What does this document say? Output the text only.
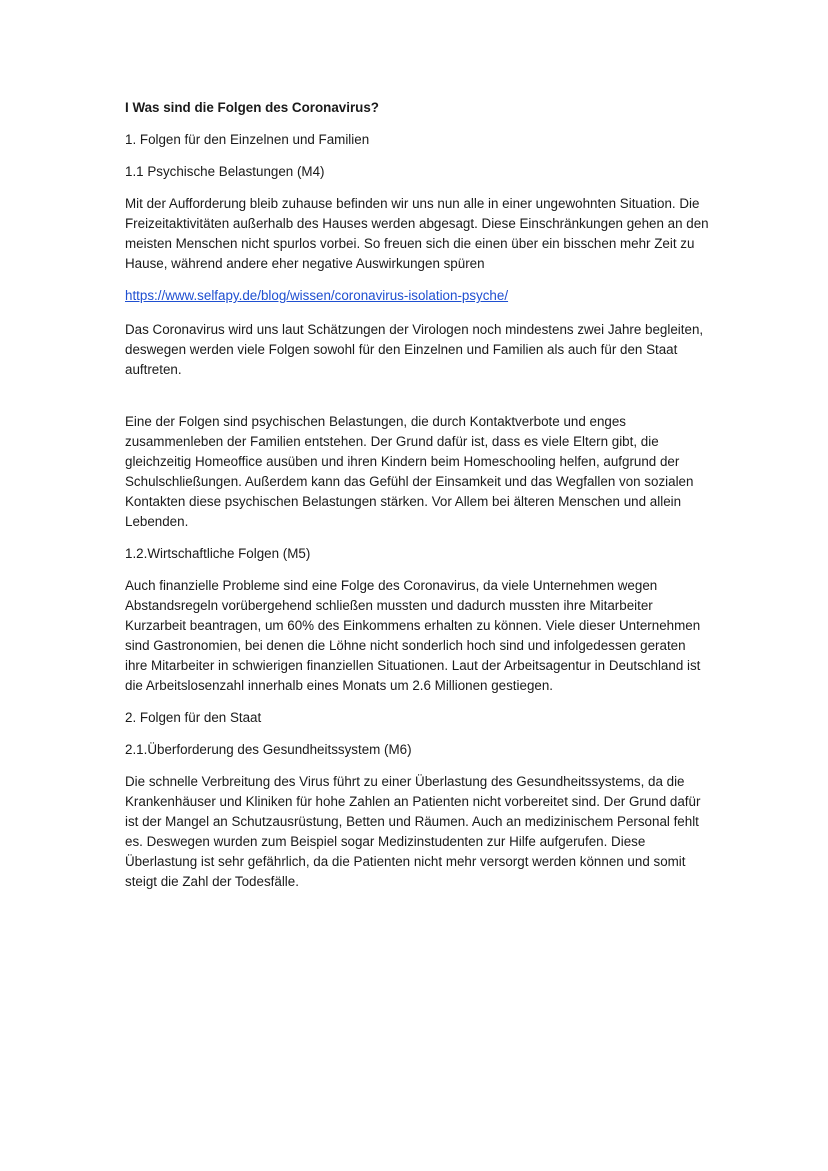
I Was sind die Folgen des Coronavirus?

1. Folgen für den Einzelnen und Familien

1.1 Psychische Belastungen (M4)

Mit der Aufforderung bleib zuhause befinden wir uns nun alle in einer ungewohnten Situation. Die Freizeitaktivitäten außerhalb des Hauses werden abgesagt. Diese Einschränkungen gehen an den meisten Menschen nicht spurlos vorbei. So freuen sich die einen über ein bisschen mehr Zeit zu Hause, während andere eher negative Auswirkungen spüren

https://www.selfapy.de/blog/wissen/coronavirus-isolation-psyche/

Das Coronavirus wird uns laut Schätzungen der Virologen noch mindestens zwei Jahre begleiten, deswegen werden viele Folgen sowohl für den Einzelnen und Familien als auch für den Staat auftreten.

Eine der Folgen sind psychischen Belastungen, die durch Kontaktverbote und enges zusammenleben der Familien entstehen. Der Grund dafür ist, dass es viele Eltern gibt, die gleichzeitig Homeoffice ausüben und ihren Kindern beim Homeschooling helfen, aufgrund der Schulschließungen. Außerdem kann das Gefühl der Einsamkeit und das Wegfallen von sozialen Kontakten diese psychischen Belastungen stärken. Vor Allem bei älteren Menschen und allein Lebenden.

1.2.Wirtschaftliche Folgen (M5)

Auch finanzielle Probleme sind eine Folge des Coronavirus, da viele Unternehmen wegen Abstandsregeln vorübergehend schließen mussten und dadurch mussten ihre Mitarbeiter Kurzarbeit beantragen, um 60% des Einkommens erhalten zu können. Viele dieser Unternehmen sind Gastronomien, bei denen die Löhne nicht sonderlich hoch sind und infolgedessen geraten ihre Mitarbeiter in schwierigen finanziellen Situationen. Laut der Arbeitsagentur in Deutschland ist die Arbeitslosenzahl innerhalb eines Monats um 2.6 Millionen gestiegen.

2. Folgen für den Staat

2.1.Überforderung des Gesundheitssystem (M6)

Die schnelle Verbreitung des Virus führt zu einer Überlastung des Gesundheitssystems, da die Krankenhäuser und Kliniken für hohe Zahlen an Patienten nicht vorbereitet sind. Der Grund dafür ist der Mangel an Schutzausrüstung, Betten und Räumen. Auch an medizinischem Personal fehlt es. Deswegen wurden zum Beispiel sogar Medizinstudenten zur Hilfe aufgerufen. Diese Überlastung ist sehr gefährlich, da die Patienten nicht mehr versorgt werden können und somit steigt die Zahl der Todesfälle.
